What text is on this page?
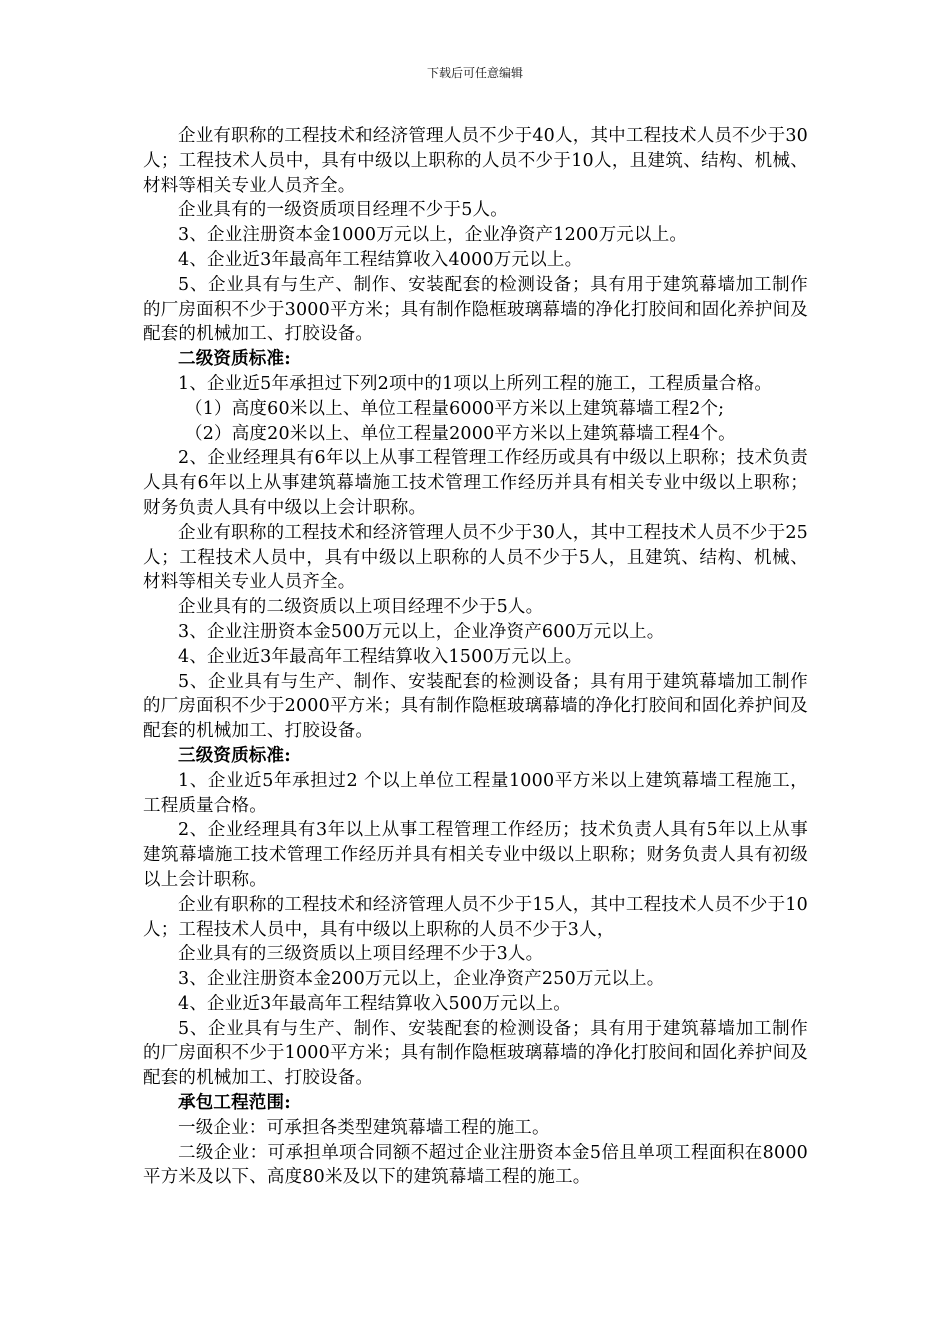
下载后可任意编辑

企业有职称的工程技术和经济管理人员不少于40人，其中工程技术人员不少于30人；工程技术人员中，具有中级以上职称的人员不少于10人，且建筑、结构、机械、材料等相关专业人员齐全。

企业具有的一级资质项目经理不少于5人。

3、企业注册资本金1000万元以上，企业净资产1200万元以上。

4、企业近3年最高年工程结算收入4000万元以上。

5、企业具有与生产、制作、安装配套的检测设备；具有用于建筑幕墙加工制作的厂房面积不少于3000平方米；具有制作隐框玻璃幕墙的净化打胶间和固化养护间及配套的机械加工、打胶设备。

二级资质标准:

1、企业近5年承担过下列2项中的1项以上所列工程的施工，工程质量合格。

（1）高度60米以上、单位工程量6000平方米以上建筑幕墙工程2个;

（2）高度20米以上、单位工程量2000平方米以上建筑幕墙工程4个。

2、企业经理具有6年以上从事工程管理工作经历或具有中级以上职称；技术负责人具有6年以上从事建筑幕墙施工技术管理工作经历并具有相关专业中级以上职称；财务负责人具有中级以上会计职称。

企业有职称的工程技术和经济管理人员不少于30人，其中工程技术人员不少于25人；工程技术人员中，具有中级以上职称的人员不少于5人，且建筑、结构、机械、材料等相关专业人员齐全。

企业具有的二级资质以上项目经理不少于5人。

3、企业注册资本金500万元以上，企业净资产600万元以上。

4、企业近3年最高年工程结算收入1500万元以上。

5、企业具有与生产、制作、安装配套的检测设备；具有用于建筑幕墙加工制作的厂房面积不少于2000平方米；具有制作隐框玻璃幕墙的净化打胶间和固化养护间及配套的机械加工、打胶设备。

三级资质标准:

1、企业近5年承担过2 个以上单位工程量1000平方米以上建筑幕墙工程施工，工程质量合格。

2、企业经理具有3年以上从事工程管理工作经历；技术负责人具有5年以上从事建筑幕墙施工技术管理工作经历并具有相关专业中级以上职称；财务负责人具有初级以上会计职称。

企业有职称的工程技术和经济管理人员不少于15人，其中工程技术人员不少于10人；工程技术人员中，具有中级以上职称的人员不少于3人，

企业具有的三级资质以上项目经理不少于3人。

3、企业注册资本金200万元以上，企业净资产250万元以上。

4、企业近3年最高年工程结算收入500万元以上。

5、企业具有与生产、制作、安装配套的检测设备；具有用于建筑幕墙加工制作的厂房面积不少于1000平方米；具有制作隐框玻璃幕墙的净化打胶间和固化养护间及配套的机械加工、打胶设备。

承包工程范围:

一级企业：可承担各类型建筑幕墙工程的施工。

二级企业：可承担单项合同额不超过企业注册资本金5倍且单项工程面积在8000平方米及以下、高度80米及以下的建筑幕墙工程的施工。
